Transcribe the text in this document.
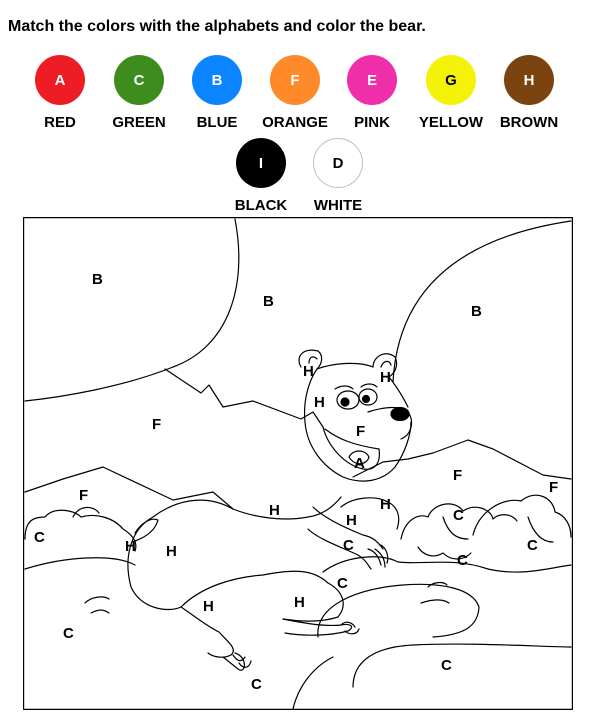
Match the colors with the alphabets and color the bear.
A
RED
C
GREEN
B
BLUE
F
ORANGE
E
PINK
G
YELLOW
H
BROWN
I
BLACK
D
WHITE
B
B
B
F
F
F
F
H	H
H
F
A
H
H
H
H H
H	H
C
C
C
C
C
C
C
C
C
